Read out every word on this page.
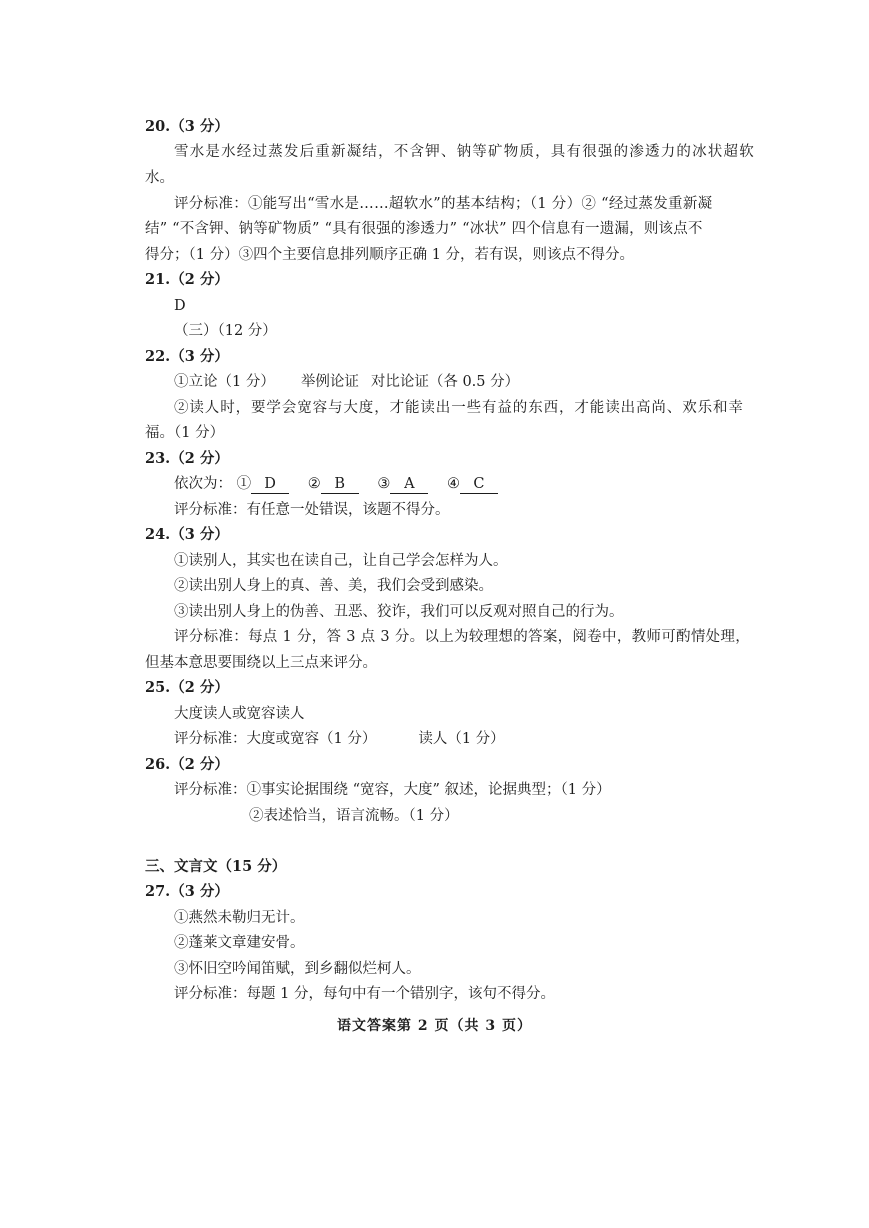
20.（3 分）
雪水是水经过蒸发后重新凝结，不含钾、钠等矿物质，具有很强的渗透力的冰状超软
水。
评分标准：①能写出“雪水是……超软水”的基本结构；（1 分）② “经过蒸发重新凝
结” “不含钾、钠等矿物质” “具有很强的渗透力” “冰状” 四个信息有一遗漏，则该点不
得分；（1 分）③四个主要信息排列顺序正确 1 分，若有误，则该点不得分。
21.（2 分）
D
（三）（12 分）
22.（3 分）
①立论（1 分） 举例论证 对比论证（各 0.5 分）
②读人时，要学会宽容与大度，才能读出一些有益的东西，才能读出高尚、欢乐和幸
福。（1 分）
23.（2 分）
依次为： ① D ② B ③ A ④ C
评分标准：有任意一处错误，该题不得分。
24.（3 分）
①读别人，其实也在读自己，让自己学会怎样为人。
②读出别人身上的真、善、美，我们会受到感染。
③读出别人身上的伪善、丑恶、狡诈，我们可以反观对照自己的行为。
评分标准：每点 1 分，答 3 点 3 分。以上为较理想的答案，阅卷中，教师可酌情处理，
但基本意思要围绕以上三点来评分。
25.（2 分）
大度读人或宽容读人
评分标准：大度或宽容（1 分）	读人（1 分）
26.（2 分）
评分标准：①事实论据围绕 “宽容，大度” 叙述，论据典型；（1 分）
②表述恰当，语言流畅。（1 分）
三、文言文（15 分）
27.（3 分）
①燕然未勒归无计。
②蓬莱文章建安骨。
③怀旧空吟闻笛赋，到乡翻似烂柯人。
评分标准：每题 1 分，每句中有一个错别字，该句不得分。
语文答案第 2 页（共 3 页）
